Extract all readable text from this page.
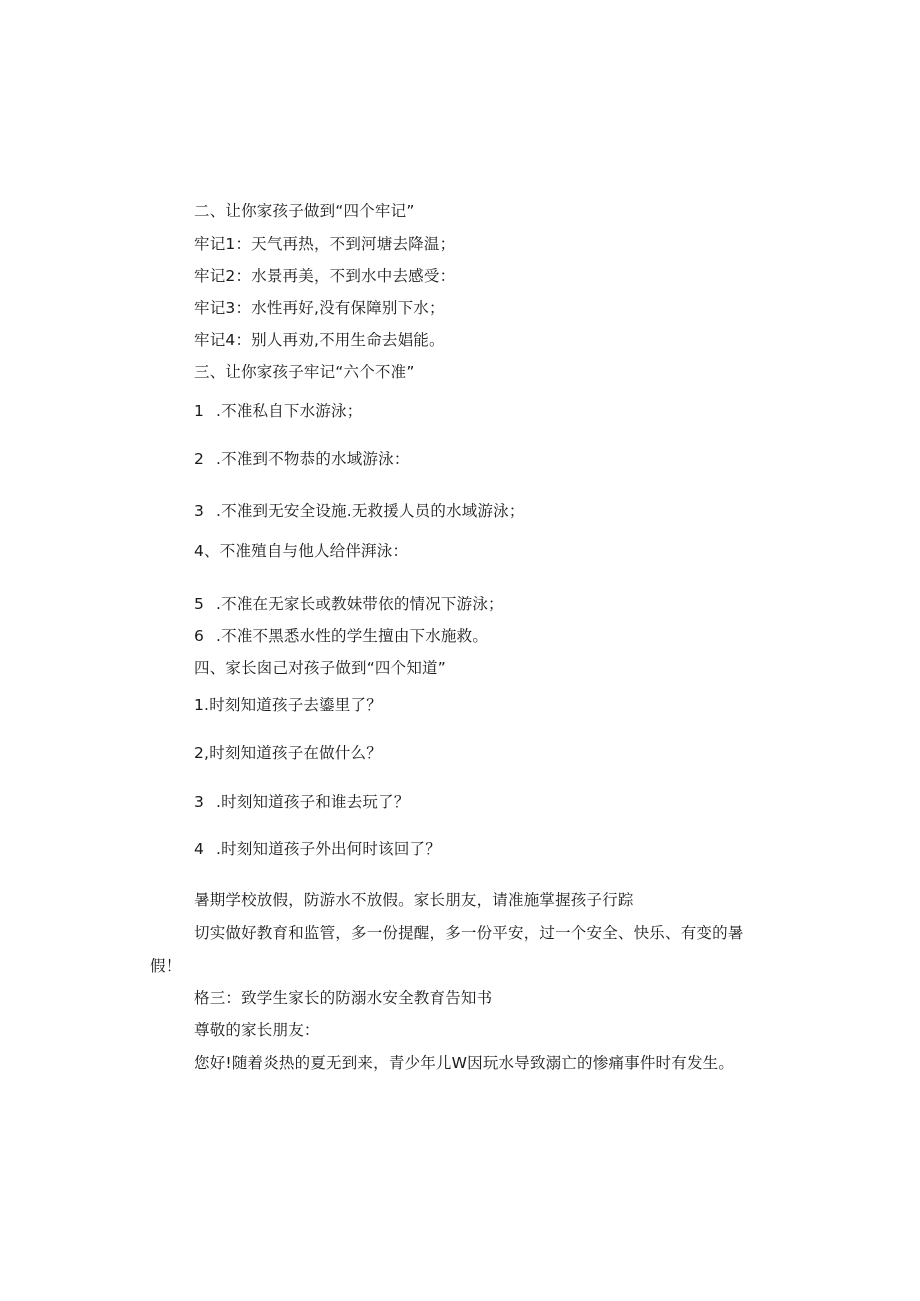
二、让你家孩子做到“四个牢记”
牢记1：天气再热，不到河塘去降温；
牢记2：水景再美，不到水中去感受：
牢记3：水性再好,没有保障别下水；
牢记4：别人再劝,不用生命去娼能。
三、让你家孩子牢记“六个不准”
1 .不准私自下水游泳；
2 .不准到不物恭的水域游泳：
3 .不准到无安全设施.无救援人员的水域游泳；
4、不准殖自与他人给伴湃泳：
5 .不准在无家长或教妹带依的情况下游泳；
6 .不准不黑悉水性的学生擅由下水施救。
四、家长囱己对孩子做到“四个知道”
1.时刻知道孩子去鎏里了？
2,时刻知道孩子在做什么？
3 .时刻知道孩子和谁去玩了？
4 .时刻知道孩子外出何时该回了？
暑期学校放假，防游水不放假。家长朋友，请准施掌握孩子行踪
切实做好教育和监管，多一份提醒，多一份平安，过一个安全、快乐、有变的暑
假！
格三：致学生家长的防溺水安全教育告知书
尊敬的家长朋友：
您好!随着炎热的夏无到来，青少年儿W因玩水导致溺亡的惨痛事件时有发生。
